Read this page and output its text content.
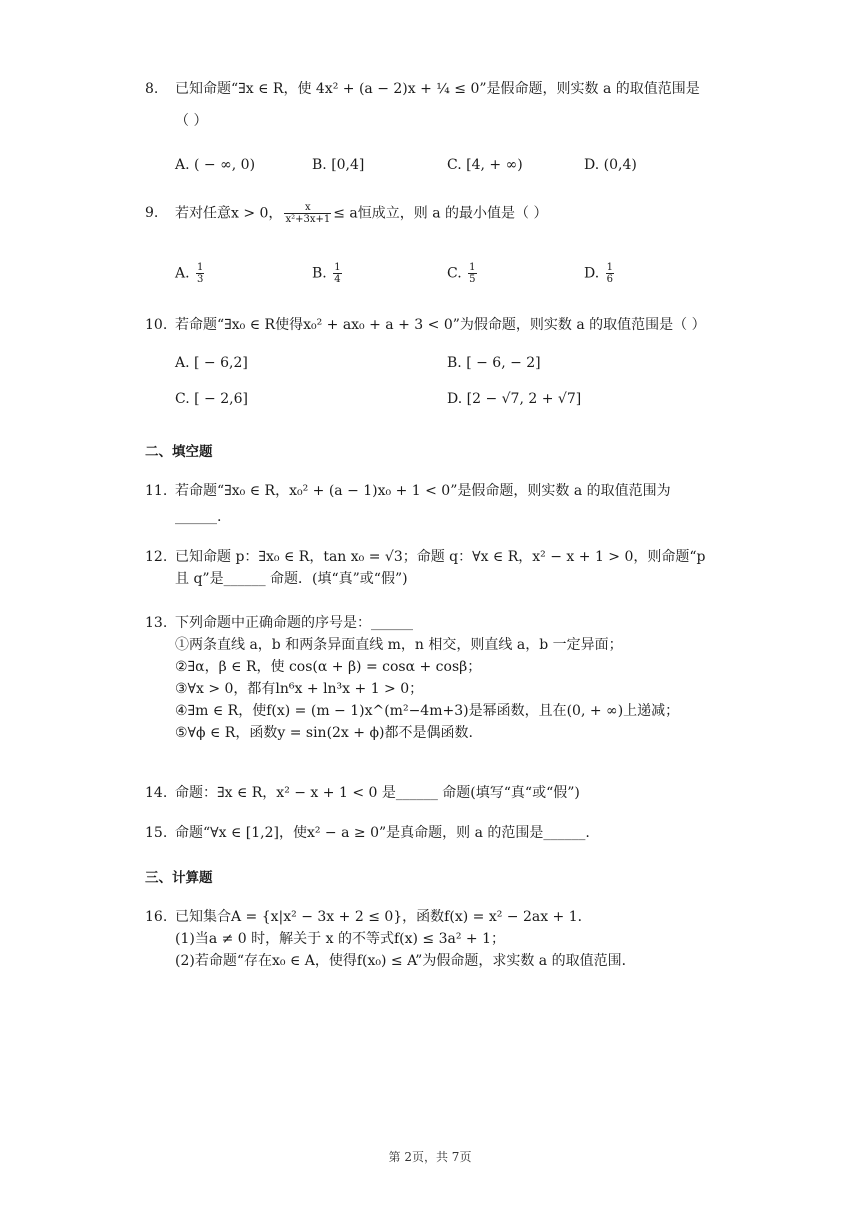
8.	已知命题“∃x ∈ R，使 4x² + (a − 2)x + ¼ ≤ 0”是假命题，则实数 a 的取值范围是
（ ）
A. ( − ∞, 0)	B. [0,4]	C. [4, + ∞)	D. (0,4)
9.	若对任意x > 0， $\frac{x}{\text{x²+3x+1}} \le a$恒成立，则 a 的最小值是（ ）
A. $\frac{1}{3}$	B. $\frac{1}{4}$	C. $\frac{1}{5}$	D. $\frac{1}{6}$
10. 若命题“∃x₀ ∈ R使得x₀² + ax₀ + a + 3 < 0”为假命题，则实数 a 的取值范围是（ ）
A. [ − 6,2]	B. [ − 6, − 2]
C. [ − 2,6]	D. [2 − √7, 2 + √7]
二、填空题
11. 若命题“∃x₀ ∈ R，x₀² + (a − 1)x₀ + 1 < 0”是假命题，则实数 a 的取值范围为
______.
12. 已知命题 p：∃x₀ ∈ R，tan x₀ = √3；命题 q：∀x ∈ R，x² − x + 1 > 0，则命题“p
且 q”是______ 命题．(填“真”或“假”)
13. 下列命题中正确命题的序号是：______
①两条直线 a，b 和两条异面直线 m，n 相交，则直线 a，b 一定异面；
②∃α，β ∈ R，使 cos(α + β) = cosα + cosβ；
③∀x > 0，都有ln⁶x + ln³x + 1 > 0；
④∃m ∈ R，使f(x) = (m − 1)x^(m²−4m+3)是幂函数，且在(0, + ∞)上递减；
⑤∀ϕ ∈ R，函数y = sin(2x + ϕ)都不是偶函数.
14. 命题：∃x ∈ R，x² − x + 1 < 0 是______ 命题(填写“真“或“假”)
15. 命题“∀x ∈ [1,2]，使x² − a ≥ 0”是真命题，则 a 的范围是______.
三、计算题
16. 已知集合A = {x|x² − 3x + 2 ≤ 0}，函数f(x) = x² − 2ax + 1．
(1)当a ≠ 0 时，解关于 x 的不等式f(x) ≤ 3a² + 1；
(2)若命题“存在x₀ ∈ A，使得f(x₀) ≤ A”为假命题，求实数 a 的取值范围．
第 2页，共 7页
